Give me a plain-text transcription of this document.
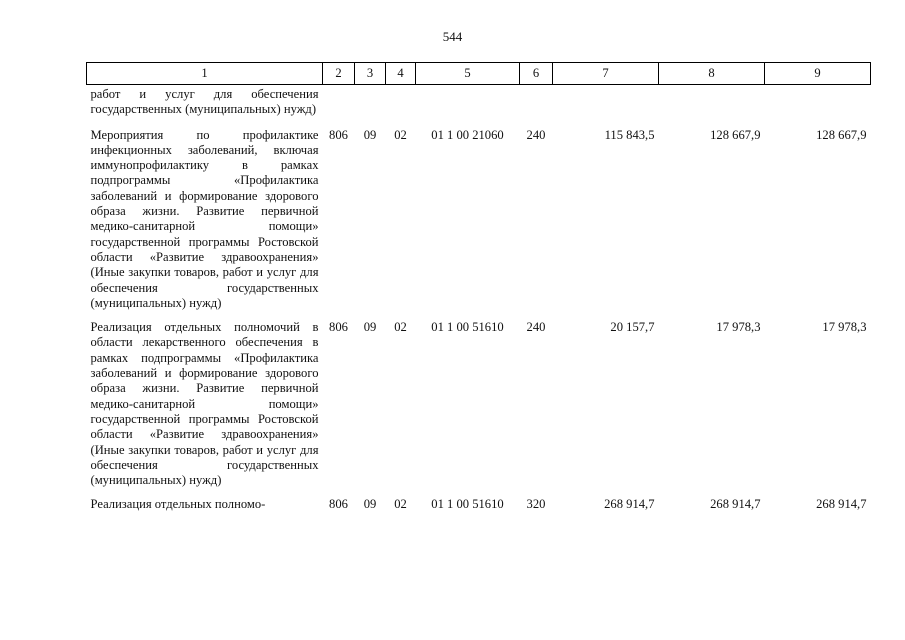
544
1	2	3	4	5	6	7	8	9
работ и услуг для обеспечения государственных (муниципальных) нужд)								
Мероприятия по профилактике инфекционных заболеваний, включая иммунопрофилактику в рамках подпрограммы «Профилактика заболеваний и формирование здорового образа жизни. Развитие первичной медико-санитарной помощи» государственной программы Ростовской области «Развитие здравоохранения» (Иные закупки товаров, работ и услуг для обеспечения государственных (муниципальных) нужд)	806	09	02	01 1 00 21060	240	115 843,5	128 667,9	128 667,9
Реализация отдельных полномочий в области лекарственного обеспечения в рамках подпрограммы «Профилактика заболеваний и формирование здорового образа жизни. Развитие первичной медико-санитарной помощи» государственной программы Ростовской области «Развитие здравоохранения» (Иные закупки товаров, работ и услуг для обеспечения государственных (муниципальных) нужд)	806	09	02	01 1 00 51610	240	20 157,7	17 978,3	17 978,3
Реализация отдельных полномо-	806	09	02	01 1 00 51610	320	268 914,7	268 914,7	268 914,7
